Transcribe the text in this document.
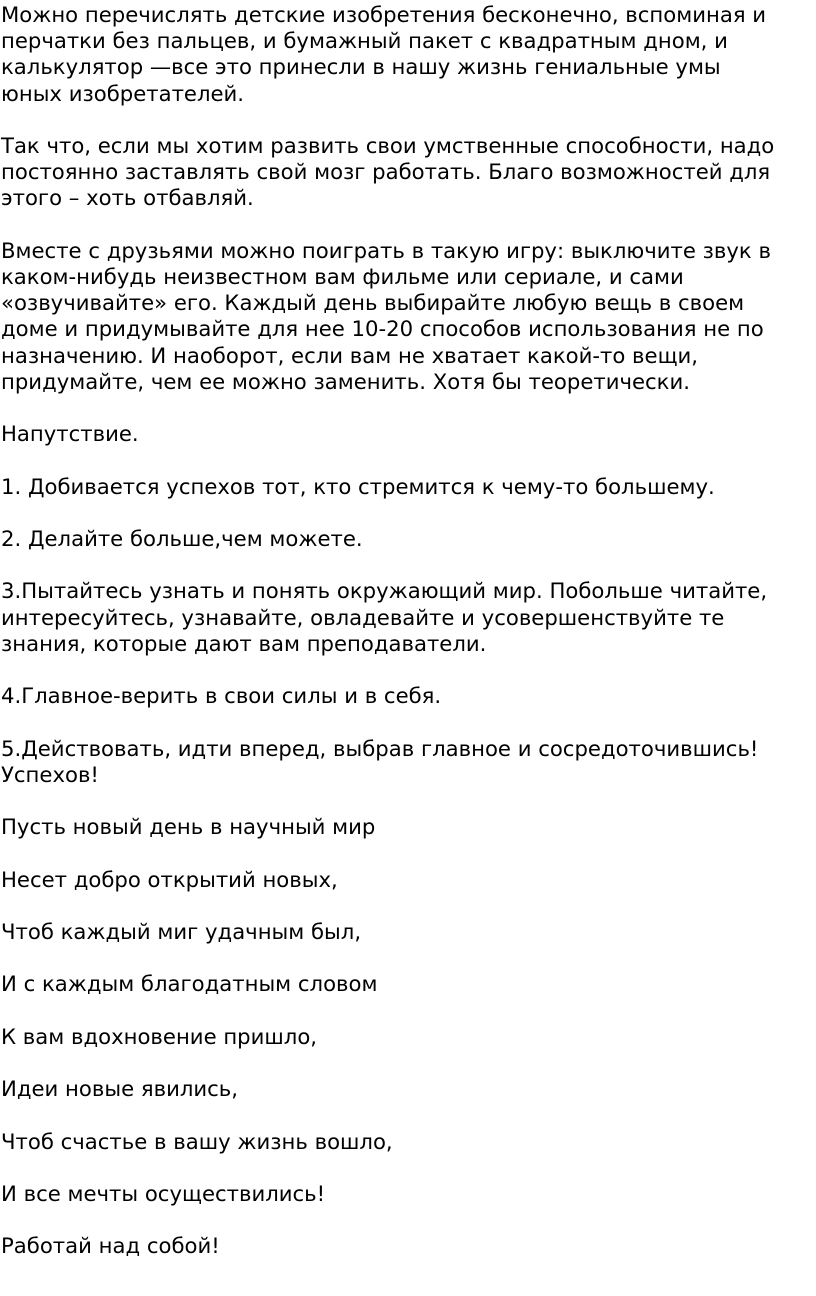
Можно перечислять детские изобретения бесконечно, вспоминая и

перчатки без пальцев, и бумажный пакет с квадратным дном, и

калькулятор —все это принесли в нашу жизнь гениальные умы

юных изобретателей.

Так что, если мы хотим развить свои умственные способности, надо

постоянно заставлять свой мозг работать. Благо возможностей для

этого – хоть отбавляй.

Вместе с друзьями можно поиграть в такую игру: выключите звук в

каком-нибудь неизвестном вам фильме или сериале, и сами

«озвучивайте» его. Каждый день выбирайте любую вещь в своем

доме и придумывайте для нее 10-20 способов использования не по

назначению. И наоборот, если вам не хватает какой-то вещи,

придумайте, чем ее можно заменить. Хотя бы теоретически.

Напутствие.

1. Добивается успехов тот, кто стремится к чему-то большему.

2. Делайте больше,чем можете.

3.Пытайтесь узнать и понять окружающий мир. Побольше читайте,

интересуйтесь, узнавайте, овладевайте и усовершенствуйте те

знания, которые дают вам преподаватели.

4.Главное-верить в свои силы и в себя.

5.Действовать, идти вперед, выбрав главное и сосредоточившись!

Успехов!

Пусть новый день в научный мир

Несет добро открытий новых,

Чтоб каждый миг удачным был,

И с каждым благодатным словом

К вам вдохновение пришло,

Идеи новые явились,

Чтоб счастье в вашу жизнь вошло,

И все мечты осуществились!

Работай над собой!
